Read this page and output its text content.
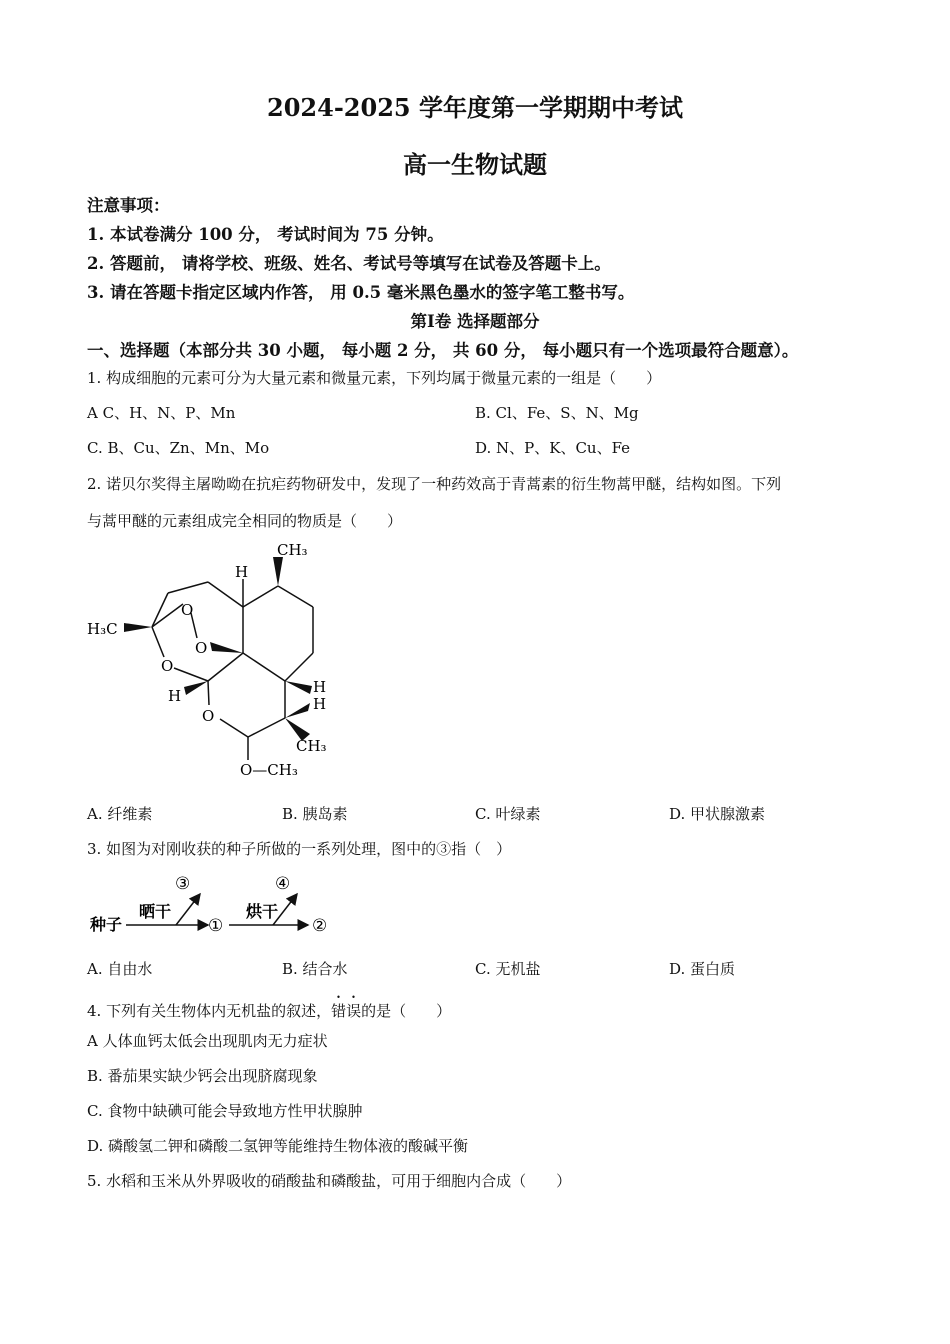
2024-2025 学年度第一学期期中考试
高一生物试题
注意事项：
1. 本试卷满分 100 分， 考试时间为 75 分钟。
2. 答题前， 请将学校、班级、姓名、考试号等填写在试卷及答题卡上。
3. 请在答题卡指定区域内作答， 用 0.5 毫米黑色墨水的签字笔工整书写。
第Ⅰ卷 选择题部分
一、选择题（本部分共 30 小题， 每小题 2 分， 共 60 分， 每小题只有一个选项最符合题意）。
1. 构成细胞的元素可分为大量元素和微量元素，下列均属于微量元素的一组是（　　）
A C、H、N、P、Mn	B. Cl、Fe、S、N、Mg
C. B、Cu、Zn、Mn、Mo	D. N、P、K、Cu、Fe
2. 诺贝尔奖得主屠呦呦在抗疟药物研发中，发现了一种药效高于青蒿素的衍生物蒿甲醚，结构如图。下列
与蒿甲醚的元素组成完全相同的物质是（　　）
CH₃
H
H₃C
O
O
O
H
O
H
H
CH₃
O—CH₃
A. 纤维素	B. 胰岛素	C. 叶绿素	D. 甲状腺激素
3. 如图为对刚收获的种子所做的一系列处理，图中的③指（　）
种子
晒干	烘干
①	②
③	④
A. 自由水	B. 结合水	C. 无机盐	D. 蛋白质
4. 下列有关生物体内无机盐的叙述，错误的是（　　）
A 人体血钙太低会出现肌肉无力症状
B. 番茄果实缺少钙会出现脐腐现象
C. 食物中缺碘可能会导致地方性甲状腺肿
D. 磷酸氢二钾和磷酸二氢钾等能维持生物体液的酸碱平衡
5. 水稻和玉米从外界吸收的硝酸盐和磷酸盐，可用于细胞内合成（　　）
